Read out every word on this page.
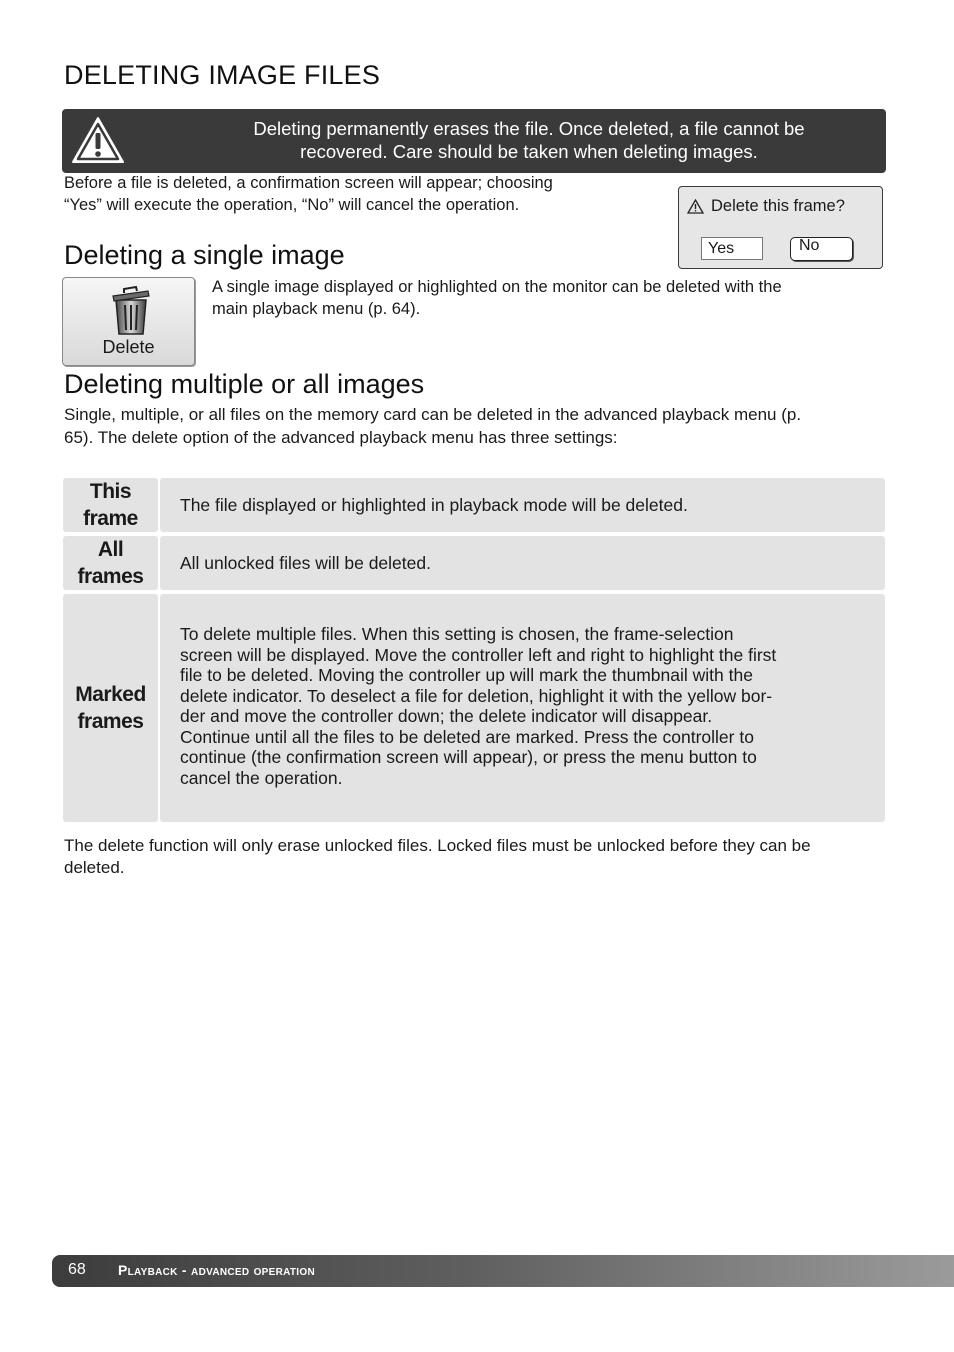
DELETING IMAGE FILES
Deleting permanently erases the file. Once deleted, a file cannot be
recovered. Care should be taken when deleting images.
Before a file is deleted, a confirmation screen will appear; choosing
“Yes” will execute the operation, “No” will cancel the operation.	Delete this frame?
Yes	No
Deleting a single image
Delete
A single image displayed or highlighted on the monitor can be deleted with the
main playback menu (p. 64).
Deleting multiple or all images
Single, multiple, or all files on the memory card can be deleted in the advanced playback menu (p.
65). The delete option of the advanced playback menu has three settings:
This
frame
The file displayed or highlighted in playback mode will be deleted.
All
frames
All unlocked files will be deleted.
Marked
frames
To delete multiple files. When this setting is chosen, the frame-selection
screen will be displayed. Move the controller left and right to highlight the first
file to be deleted. Moving the controller up will mark the thumbnail with the
delete indicator. To deselect a file for deletion, highlight it with the yellow bor-
der and move the controller down; the delete indicator will disappear.
Continue until all the files to be deleted are marked. Press the controller to
continue (the confirmation screen will appear), or press the menu button to
cancel the operation.
The delete function will only erase unlocked files. Locked files must be unlocked before they can be
deleted.
68 Playback - advanced operation
